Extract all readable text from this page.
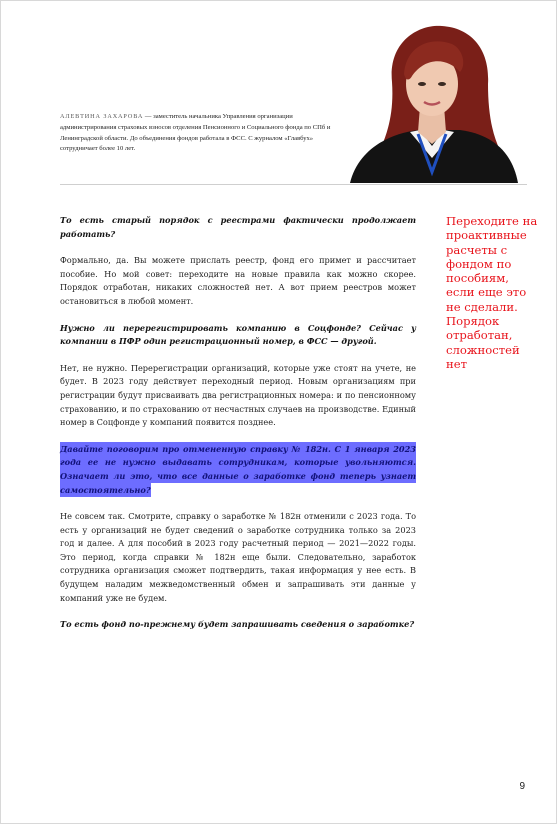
АЛЕВТИНА ЗАХАРОВА — заместитель начальника Управления организации администрирования страховых взносов отделения Пенсионного и Социального фонда по СПб и Ленинградской области. До объединения фондов работала в ФСС. С журналом «Главбух» сотрудничает более 10 лет.

То есть старый порядок с реестрами фактически продолжает работать?

Формально, да. Вы можете прислать реестр, фонд его примет и рассчитает пособие. Но мой совет: переходите на новые правила как можно скорее. Порядок отработан, никаких сложностей нет. А вот прием реестров может остановиться в любой момент.

Нужно ли перерегистрировать компанию в Соцфонде? Сейчас у компании в ПФР один регистрационный номер, в ФСС — другой.

Нет, не нужно. Перерегистрации организаций, которые уже стоят на учете, не будет. В 2023 году действует переходный период. Новым организациям при регистрации будут присваивать два регистрационных номера: и по пенсионному страхованию, и по страхованию от несчастных случаев на производстве. Единый номер в Соцфонде у компаний появится позднее.

Давайте поговорим про отмененную справку № 182н. С 1 января 2023 года ее не нужно выдавать сотрудникам, которые увольняются. Означает ли это, что все данные о заработке фонд теперь узнает самостоятельно?

Не совсем так. Смотрите, справку о заработке № 182н отменили с 2023 года. То есть у организаций не будет сведений о заработке сотрудника только за 2023 год и далее. А для пособий в 2023 году расчетный период — 2021—2022 годы. Это период, когда справки № 182н еще были. Следовательно, заработок сотрудника организация сможет подтвердить, такая информация у нее есть. В будущем наладим межведомственный обмен и запрашивать эти данные у компаний уже не будем.

То есть фонд по-прежнему будет запрашивать сведения о заработке?

Переходите на проактивные расчеты с фондом по пособиям, если еще это не сделали. Порядок отработан, сложностей нет
9
